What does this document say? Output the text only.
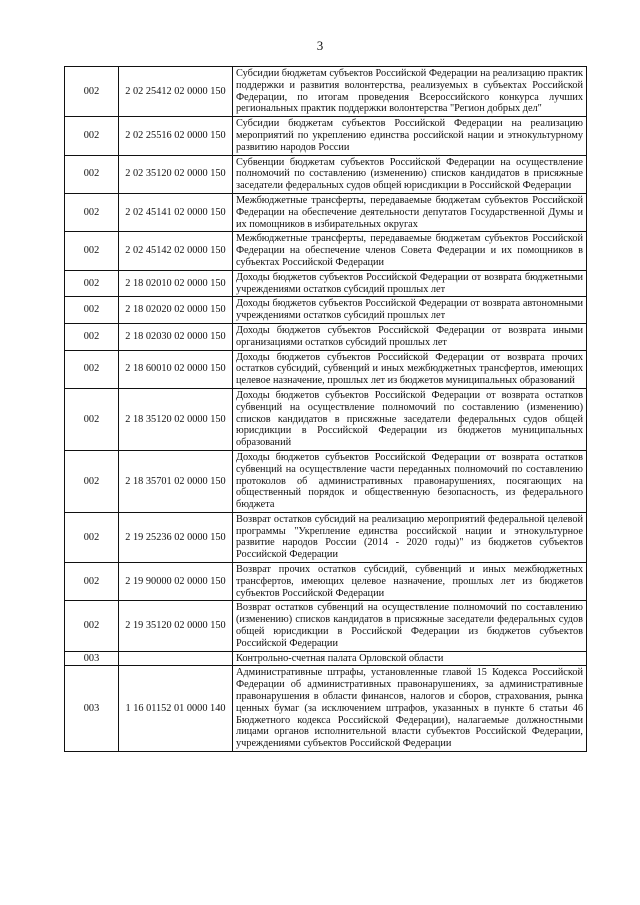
3
002	2 02 25412 02 0000 150	Субсидии бюджетам субъектов Российской Федерации на реализацию практик поддержки и развития волонтерства, реализуемых в субъектах Российской Федерации, по итогам проведения Всероссийского конкурса лучших региональных практик поддержки волонтерства "Регион добрых дел"
002	2 02 25516 02 0000 150	Субсидии бюджетам субъектов Российской Федерации на реализацию мероприятий по укреплению единства российской нации и этнокультурному развитию народов России
002	2 02 35120 02 0000 150	Субвенции бюджетам субъектов Российской Федерации на осуществление полномочий по составлению (изменению) списков кандидатов в присяжные заседатели федеральных судов общей юрисдикции в Российской Федерации
002	2 02 45141 02 0000 150	Межбюджетные трансферты, передаваемые бюджетам субъектов Российской Федерации на обеспечение деятельности депутатов Государственной Думы и их помощников в избирательных округах
002	2 02 45142 02 0000 150	Межбюджетные трансферты, передаваемые бюджетам субъектов Российской Федерации на обеспечение членов Совета Федерации и их помощников в субъектах Российской Федерации
002	2 18 02010 02 0000 150	Доходы бюджетов субъектов Российской Федерации от возврата бюджетными учреждениями остатков субсидий прошлых лет
002	2 18 02020 02 0000 150	Доходы бюджетов субъектов Российской Федерации от возврата автономными учреждениями остатков субсидий прошлых лет
002	2 18 02030 02 0000 150	Доходы бюджетов субъектов Российской Федерации от возврата иными организациями остатков субсидий прошлых лет
002	2 18 60010 02 0000 150	Доходы бюджетов субъектов Российской Федерации от возврата прочих остатков субсидий, субвенций и иных межбюджетных трансфертов, имеющих целевое назначение, прошлых лет из бюджетов муниципальных образований
002	2 18 35120 02 0000 150	Доходы бюджетов субъектов Российской Федерации от возврата остатков субвенций на осуществление полномочий по составлению (изменению) списков кандидатов в присяжные заседатели федеральных судов общей юрисдикции в Российской Федерации из бюджетов муниципальных образований
002	2 18 35701 02 0000 150	Доходы бюджетов субъектов Российской Федерации от возврата остатков субвенций на осуществление части переданных полномочий по составлению протоколов об административных правонарушениях, посягающих на общественный порядок и общественную безопасность, из федерального бюджета
002	2 19 25236 02 0000 150	Возврат остатков субсидий на реализацию мероприятий федеральной целевой программы "Укрепление единства российской нации и этнокультурное развитие народов России (2014 - 2020 годы)" из бюджетов субъектов Российской Федерации
002	2 19 90000 02 0000 150	Возврат прочих остатков субсидий, субвенций и иных межбюджетных трансфертов, имеющих целевое назначение, прошлых лет из бюджетов субъектов Российской Федерации
002	2 19 35120 02 0000 150	Возврат остатков субвенций на осуществление полномочий по составлению (изменению) списков кандидатов в присяжные заседатели федеральных судов общей юрисдикции в Российской Федерации из бюджетов субъектов Российской Федерации
003		Контрольно-счетная палата Орловской области
003	1 16 01152 01 0000 140	Административные штрафы, установленные главой 15 Кодекса Российской Федерации об административных правонарушениях, за административные правонарушения в области финансов, налогов и сборов, страхования, рынка ценных бумаг (за исключением штрафов, указанных в пункте 6 статьи 46 Бюджетного кодекса Российской Федерации), налагаемые должностными лицами органов исполнительной власти субъектов Российской Федерации, учреждениями субъектов Российской Федерации
